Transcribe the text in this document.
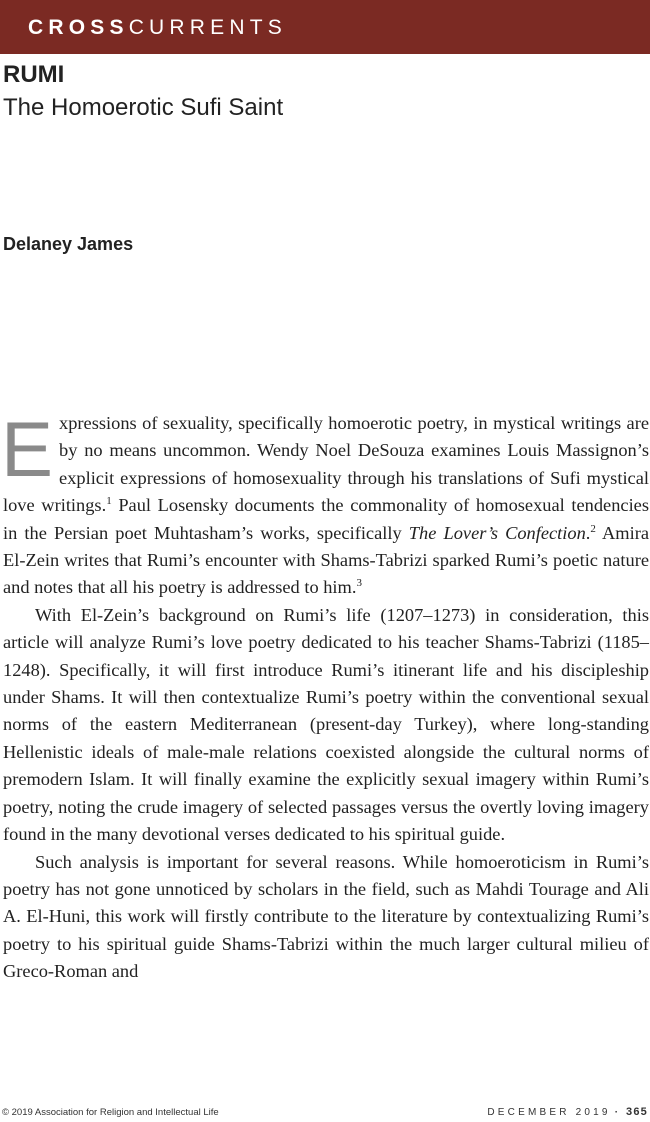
CROSSCURRENTS
RUMI
The Homoerotic Sufi Saint
Delaney James

Expressions of sexuality, specifically homoerotic poetry, in mystical writings are by no means uncommon. Wendy Noel DeSouza examines Louis Massignon’s explicit expressions of homosexuality through his translations of Sufi mystical love writings.$^1$ Paul Losensky documents the commonality of homosexual tendencies in the Persian poet Muhtasham’s works, specifically The Lover’s Confection.$^2$ Amira El-Zein writes that Rumi’s encounter with Shams-Tabrizi sparked Rumi’s poetic nature and notes that all his poetry is addressed to him.$^3$

With El-Zein’s background on Rumi’s life (1207–1273) in consideration, this article will analyze Rumi’s love poetry dedicated to his teacher Shams-Tabrizi (1185–1248). Specifically, it will first introduce Rumi’s itinerant life and his discipleship under Shams. It will then contextualize Rumi’s poetry within the conventional sexual norms of the eastern Mediterranean (present-day Turkey), where long-standing Hellenistic ideals of male-male relations coexisted alongside the cultural norms of premodern Islam. It will finally examine the explicitly sexual imagery within Rumi’s poetry, noting the crude imagery of selected passages versus the overtly loving imagery found in the many devotional verses dedicated to his spiritual guide.

Such analysis is important for several reasons. While homoeroticism in Rumi’s poetry has not gone unnoticed by scholars in the field, such as Mahdi Tourage and Ali A. El-Huni, this work will firstly contribute to the literature by contextualizing Rumi’s poetry to his spiritual guide Shams-Tabrizi within the much larger cultural milieu of Greco-Roman and

© 2019 Association for Religion and Intellectual Life	DECEMBER 2019 · 365
